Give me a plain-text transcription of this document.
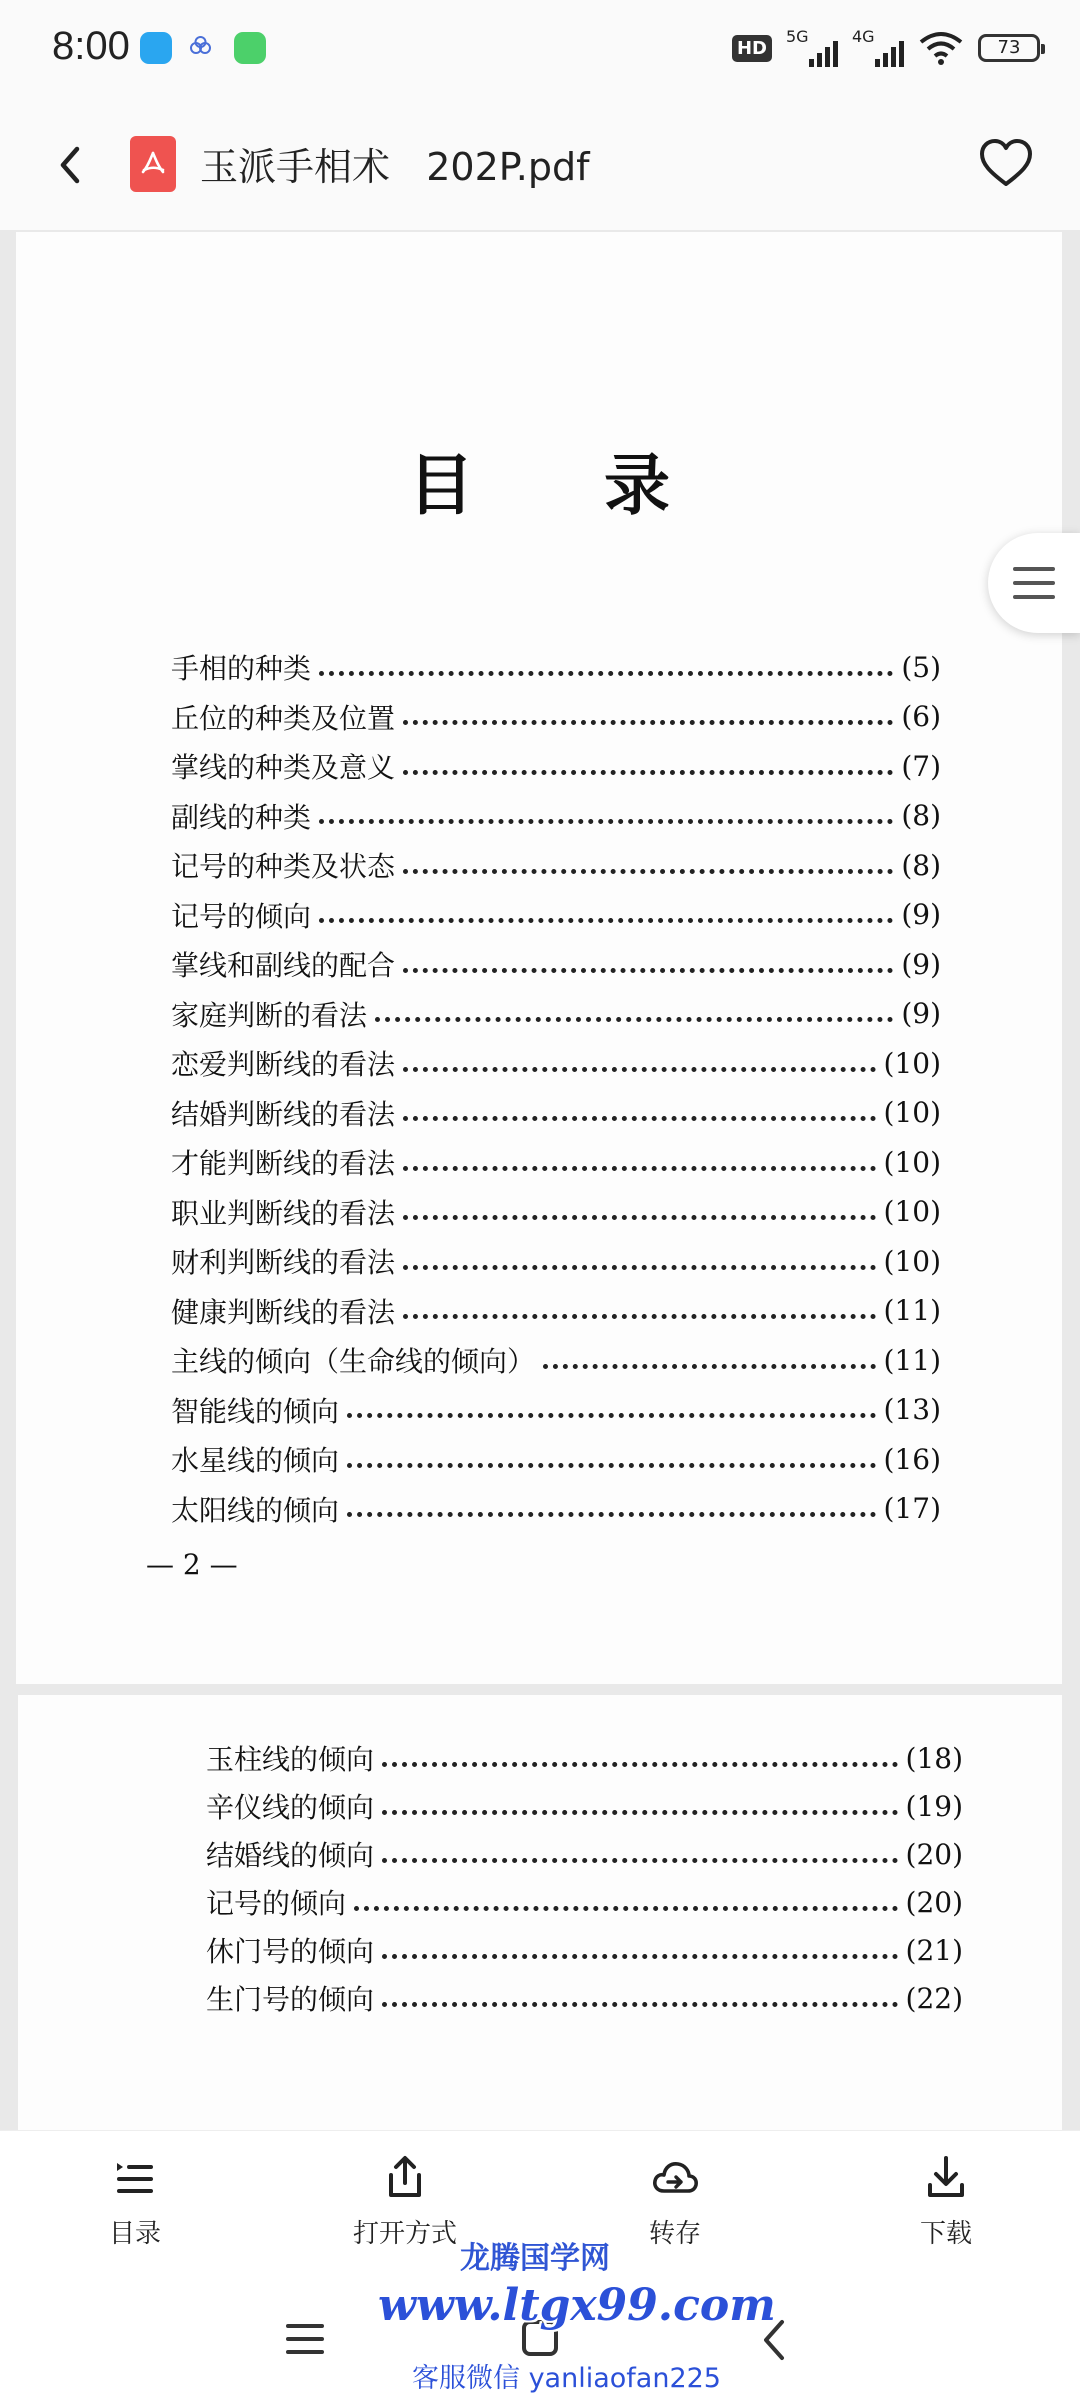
8:00	HD
5G	4G
73
玉派手相术   202P.pdf
目录
手相的种类	(5)
丘位的种类及位置	(6)
掌线的种类及意义	(7)
副线的种类	(8)
记号的种类及状态	(8)
记号的倾向	(9)
掌线和副线的配合	(9)
家庭判断的看法	(9)
恋爱判断线的看法	(10)
结婚判断线的看法	(10)
才能判断线的看法	(10)
职业判断线的看法	(10)
财利判断线的看法	(10)
健康判断线的看法	(11)
主线的倾向（生命线的倾向）	(11)
智能线的倾向	(13)
水星线的倾向	(16)
太阳线的倾向	(17)
— 2 —
玉柱线的倾向	(18)
辛仪线的倾向	(19)
结婚线的倾向	(20)
记号的倾向	(20)
休门号的倾向	(21)
生门号的倾向	(22)
目录	打开方式	转存	下载
龙腾国学网
www.ltgx99.com
客服微信 yanliaofan225
